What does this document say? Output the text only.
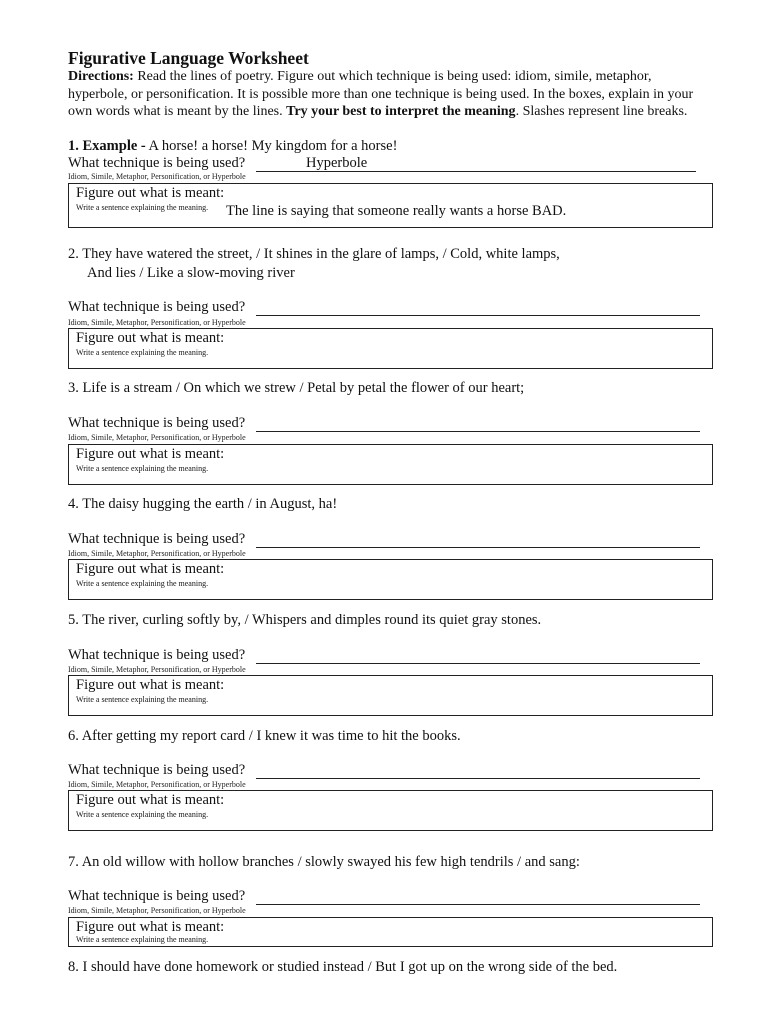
Figurative Language Worksheet
Directions: Read the lines of poetry. Figure out which technique is being used: idiom, simile, metaphor, hyperbole, or personification. It is possible more than one technique is being used. In the boxes, explain in your own words what is meant by the lines. Try your best to interpret the meaning. Slashes represent line breaks.
1. Example - A horse! a horse! My kingdom for a horse!
What technique is being used?	Hyperbole
Idiom, Simile, Metaphor, Personification, or Hyperbole
Figure out what is meant:
Write a sentence explaining the meaning. The line is saying that someone really wants a horse BAD.
2. They have watered the street, / It shines in the glare of lamps, / Cold, white lamps,
And lies / Like a slow-moving river
What technique is being used?
Idiom, Simile, Metaphor, Personification, or Hyperbole
Figure out what is meant:
Write a sentence explaining the meaning.
3. Life is a stream / On which we strew / Petal by petal the flower of our heart;
What technique is being used?
Idiom, Simile, Metaphor, Personification, or Hyperbole
Figure out what is meant:
Write a sentence explaining the meaning.
4. The daisy hugging the earth / in August, ha!
What technique is being used?
Idiom, Simile, Metaphor, Personification, or Hyperbole
Figure out what is meant:
Write a sentence explaining the meaning.
5. The river, curling softly by, / Whispers and dimples round its quiet gray stones.
What technique is being used?
Idiom, Simile, Metaphor, Personification, or Hyperbole
Figure out what is meant:
Write a sentence explaining the meaning.
6. After getting my report card / I knew it was time to hit the books.
What technique is being used?
Idiom, Simile, Metaphor, Personification, or Hyperbole
Figure out what is meant:
Write a sentence explaining the meaning.
7. An old willow with hollow branches / slowly swayed his few high tendrils / and sang:
What technique is being used?
Idiom, Simile, Metaphor, Personification, or Hyperbole
Figure out what is meant:
Write a sentence explaining the meaning.
8. I should have done homework or studied instead / But I got up on the wrong side of the bed.
